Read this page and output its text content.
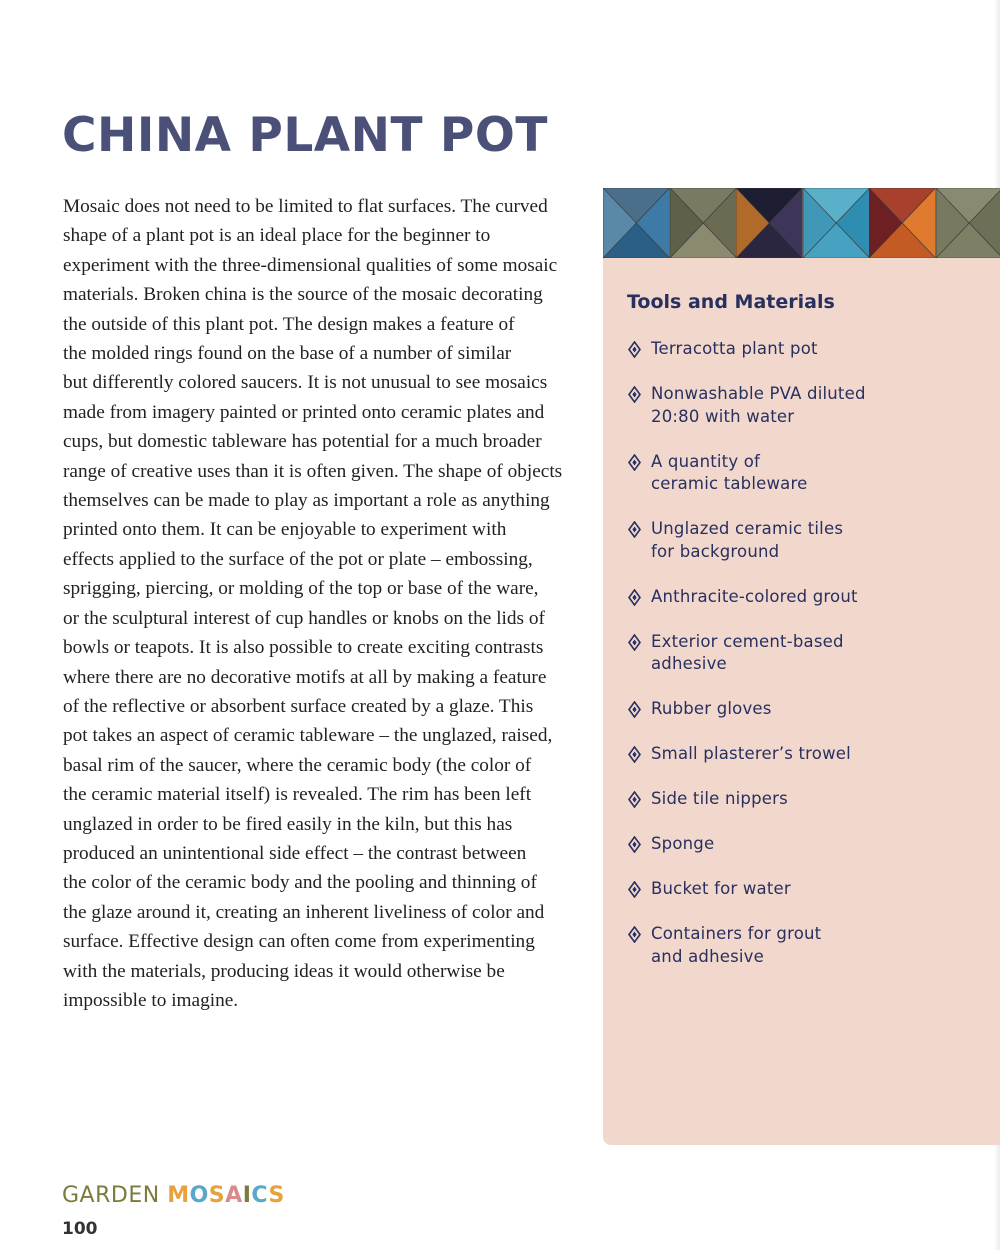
CHINA PLANT POT
Mosaic does not need to be limited to flat surfaces. The curved
shape of a plant pot is an ideal place for the beginner to
experiment with the three-dimensional qualities of some mosaic
materials. Broken china is the source of the mosaic decorating
the outside of this plant pot. The design makes a feature of
the molded rings found on the base of a number of similar
but differently colored saucers. It is not unusual to see mosaics
made from imagery painted or printed onto ceramic plates and
cups, but domestic tableware has potential for a much broader
range of creative uses than it is often given. The shape of objects
themselves can be made to play as important a role as anything
printed onto them. It can be enjoyable to experiment with
effects applied to the surface of the pot or plate – embossing,
sprigging, piercing, or molding of the top or base of the ware,
or the sculptural interest of cup handles or knobs on the lids of
bowls or teapots. It is also possible to create exciting contrasts
where there are no decorative motifs at all by making a feature
of the reflective or absorbent surface created by a glaze. This
pot takes an aspect of ceramic tableware – the unglazed, raised,
basal rim of the saucer, where the ceramic body (the color of
the ceramic material itself) is revealed. The rim has been left
unglazed in order to be fired easily in the kiln, but this has
produced an unintentional side effect – the contrast between
the color of the ceramic body and the pooling and thinning of
the glaze around it, creating an inherent liveliness of color and
surface. Effective design can often come from experimenting
with the materials, producing ideas it would otherwise be
impossible to imagine.
Tools and Materials
Terracotta plant pot
Nonwashable PVA diluted
20:80 with water
A quantity of
ceramic tableware
Unglazed ceramic tiles
for background
Anthracite-colored grout
Exterior cement-based
adhesive
Rubber gloves
Small plasterer’s trowel
Side tile nippers
Sponge
Bucket for water
Containers for grout
and adhesive
GARDEN MOSAICS
100
